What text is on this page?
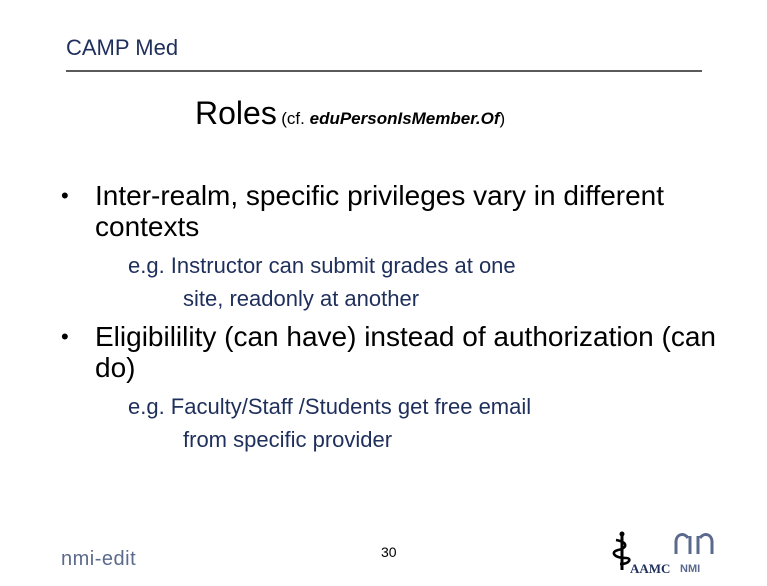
CAMP Med
Roles (cf. eduPersonIsMember.Of)
• Inter-realm, specific privileges vary in different contexts
e.g. Instructor can submit grades at one
site, readonly at another
• Eligibilility (can have) instead of authorization (can do)
e.g. Faculty/Staff /Students get free email
from specific provider
nmi-edit	30
AAMC NMI
